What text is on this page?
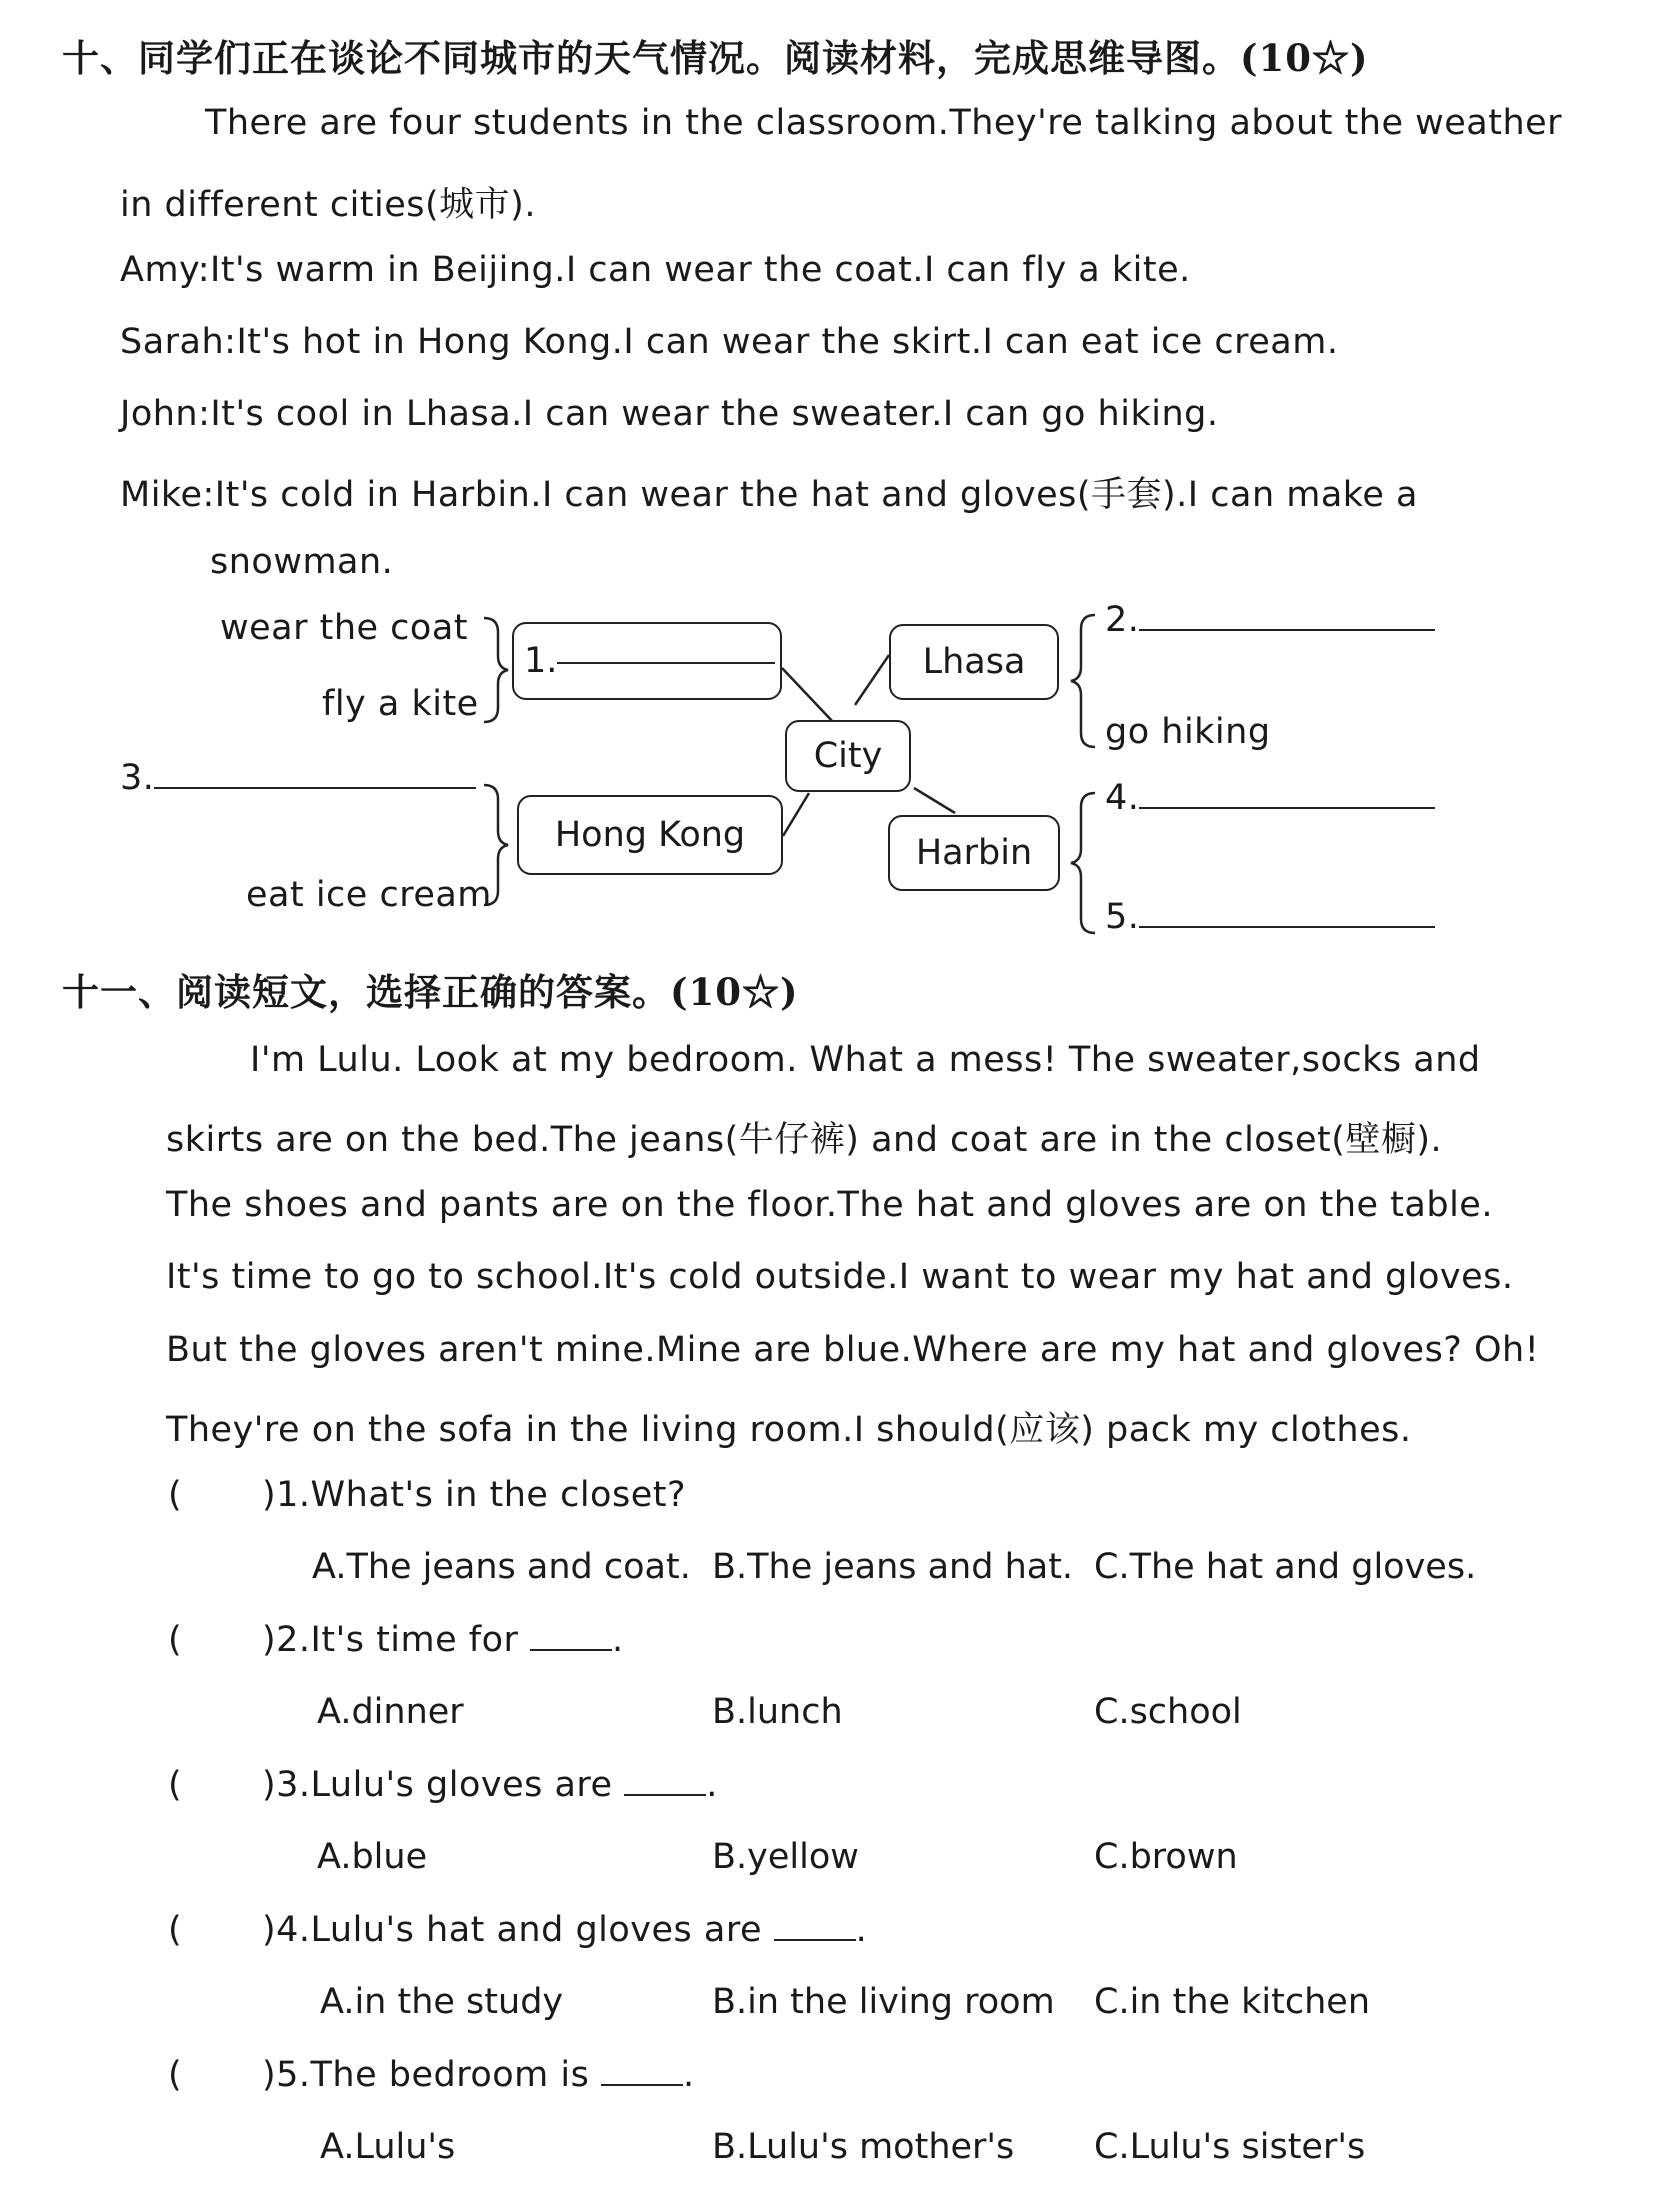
十、同学们正在谈论不同城市的天气情况。阅读材料，完成思维导图。(10☆)
There are four students in the classroom.They're talking about the weather
in different cities(城市).
Amy:It's warm in Beijing.I can wear the coat.I can fly a kite.
Sarah:It's hot in Hong Kong.I can wear the skirt.I can eat ice cream.
John:It's cool in Lhasa.I can wear the sweater.I can go hiking.
Mike:It's cold in Harbin.I can wear the hat and gloves(手套).I can make a
snowman.
1.	Lhasa
City
Hong Kong	Harbin
wear the coat
fly a kite
3.
eat ice cream
2.
go hiking
4.
5.
十一、阅读短文，选择正确的答案。(10☆)
I'm Lulu. Look at my bedroom. What a mess! The sweater,socks and
skirts are on the bed.The jeans(牛仔裤) and coat are in the closet(壁橱).
The shoes and pants are on the floor.The hat and gloves are on the table.
It's time to go to school.It's cold outside.I want to wear my hat and gloves.
But the gloves aren't mine.Mine are blue.Where are my hat and gloves? Oh!
They're on the sofa in the living room.I should(应该) pack my clothes.
( )1.What's in the closet?
A.The jeans and coat. B.The jeans and hat. C.The hat and gloves.
( )2.It's time for	.
A.dinner	B.lunch	C.school
( )3.Lulu's gloves are	.
A.blue	B.yellow	C.brown
( )4.Lulu's hat and gloves are	.
A.in the study	B.in the living room C.in the kitchen
( )5.The bedroom is	.
A.Lulu's	B.Lulu's mother's C.Lulu's sister's
